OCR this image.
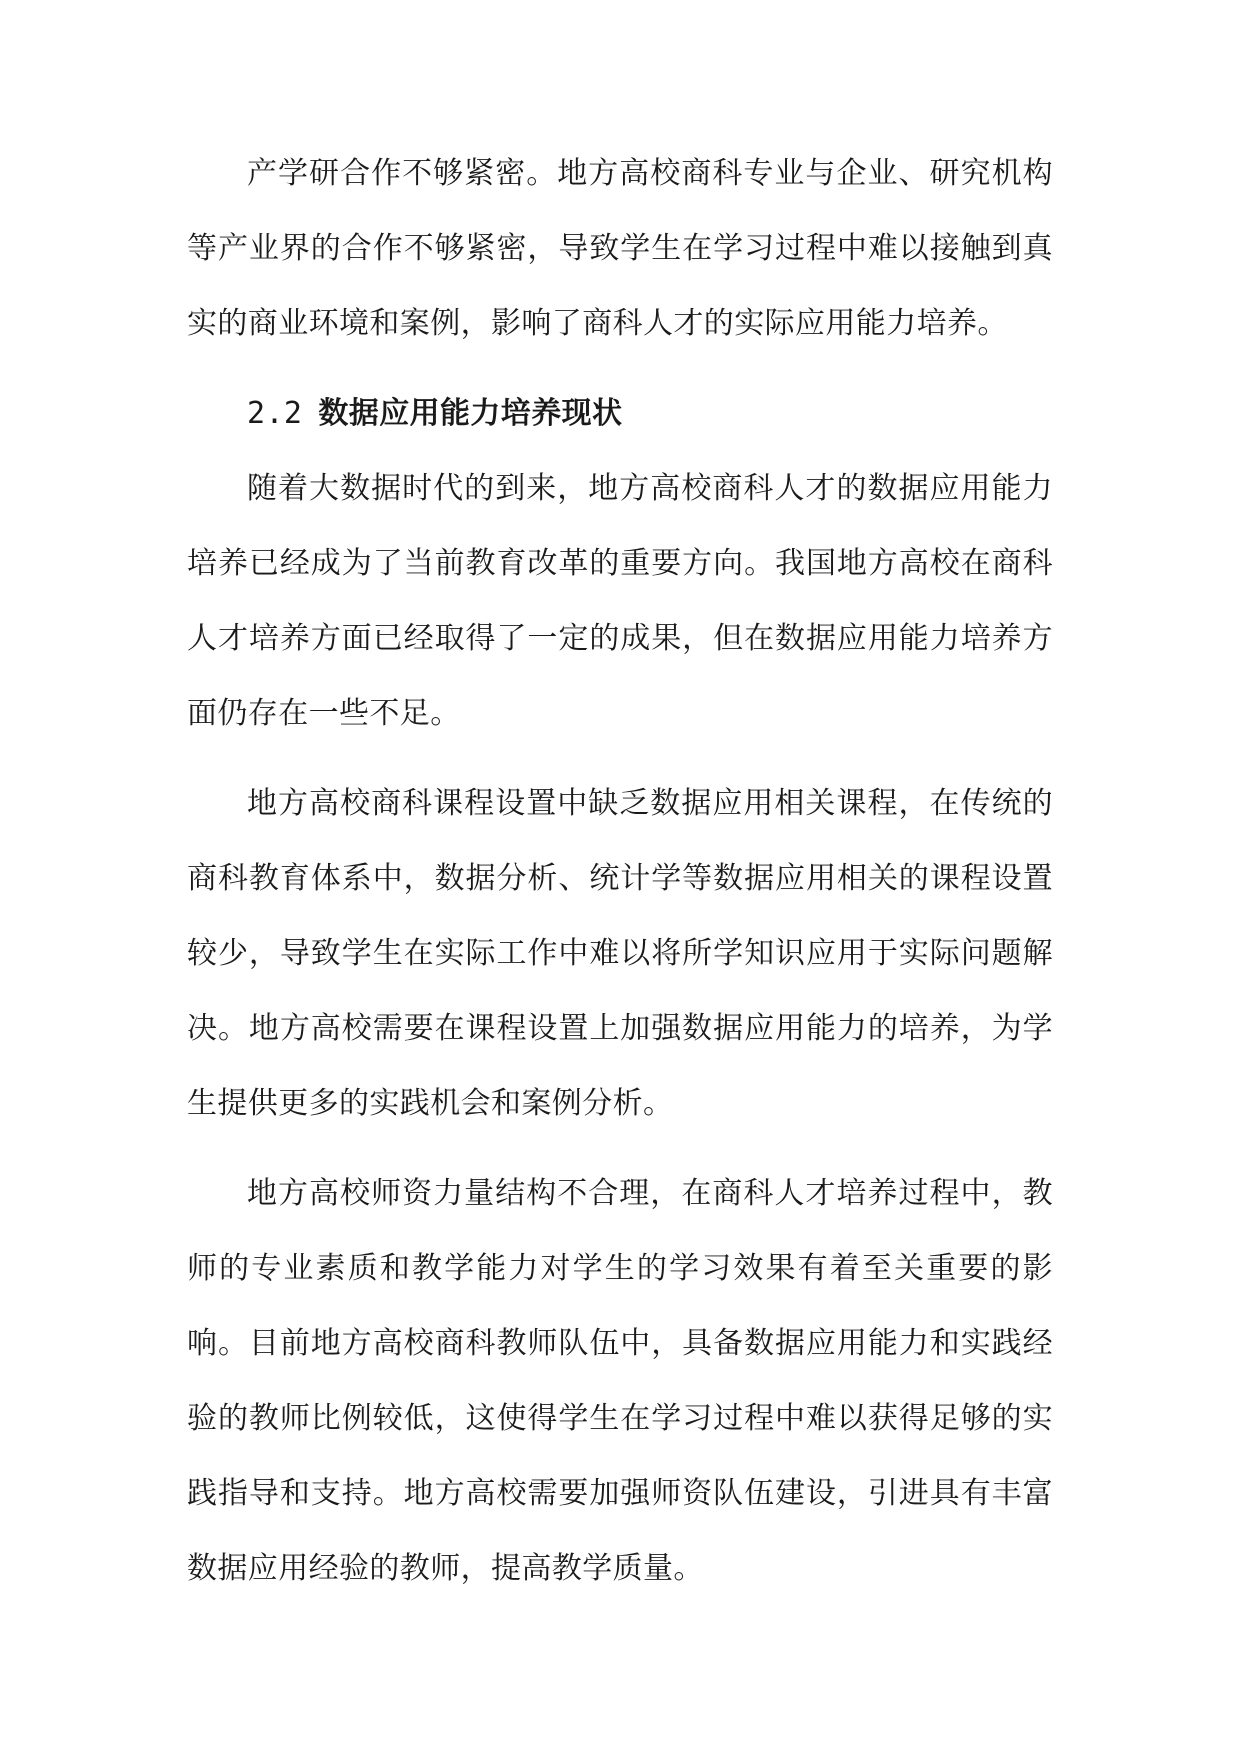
产学研合作不够紧密。地方高校商科专业与企业、研究机构等产业界的合作不够紧密，导致学生在学习过程中难以接触到真实的商业环境和案例，影响了商科人才的实际应用能力培养。

2.2 数据应用能力培养现状

随着大数据时代的到来，地方高校商科人才的数据应用能力培养已经成为了当前教育改革的重要方向。我国地方高校在商科人才培养方面已经取得了一定的成果，但在数据应用能力培养方面仍存在一些不足。

地方高校商科课程设置中缺乏数据应用相关课程，在传统的商科教育体系中，数据分析、统计学等数据应用相关的课程设置较少，导致学生在实际工作中难以将所学知识应用于实际问题解决。地方高校需要在课程设置上加强数据应用能力的培养，为学生提供更多的实践机会和案例分析。

地方高校师资力量结构不合理，在商科人才培养过程中，教师的专业素质和教学能力对学生的学习效果有着至关重要的影响。目前地方高校商科教师队伍中，具备数据应用能力和实践经验的教师比例较低，这使得学生在学习过程中难以获得足够的实践指导和支持。地方高校需要加强师资队伍建设，引进具有丰富数据应用经验的教师，提高教学质量。
